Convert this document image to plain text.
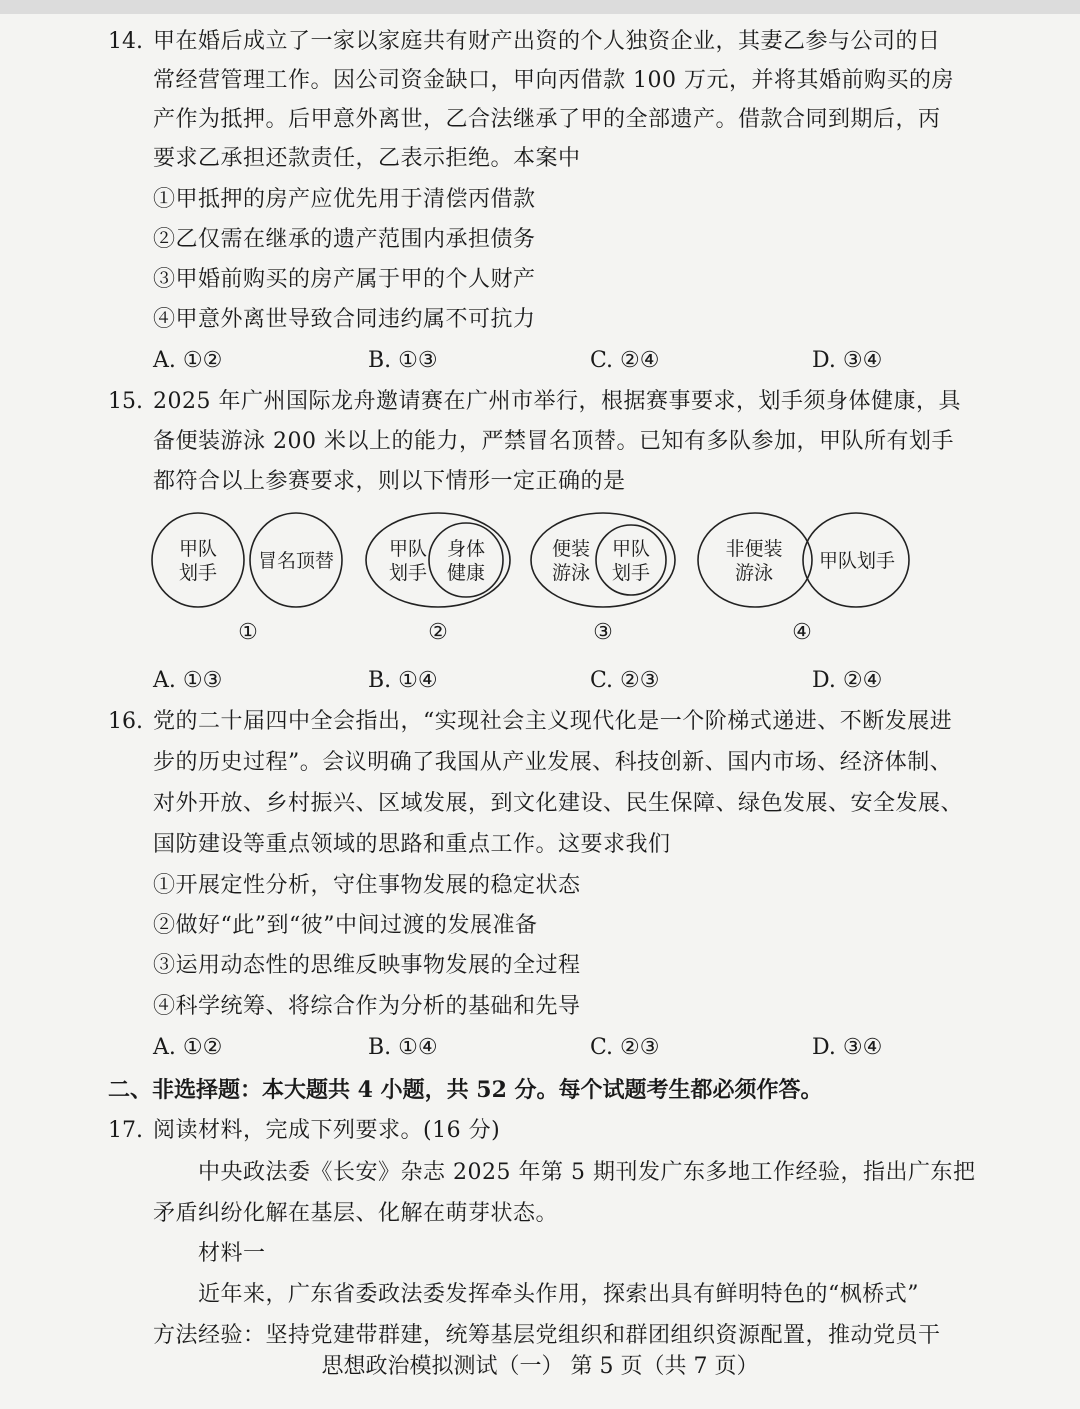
14. 甲在婚后成立了一家以家庭共有财产出资的个人独资企业，其妻乙参与公司的日
常经营管理工作。因公司资金缺口，甲向丙借款 100 万元，并将其婚前购买的房
产作为抵押。后甲意外离世，乙合法继承了甲的全部遗产。借款合同到期后，丙
要求乙承担还款责任，乙表示拒绝。本案中
①甲抵押的房产应优先用于清偿丙借款
②乙仅需在继承的遗产范围内承担债务
③甲婚前购买的房产属于甲的个人财产
④甲意外离世导致合同违约属不可抗力
A. ①②	B. ①③	C. ②④	D. ③④
15. 2025 年广州国际龙舟邀请赛在广州市举行，根据赛事要求，划手须身体健康，具
备便装游泳 200 米以上的能力，严禁冒名顶替。已知有多队参加，甲队所有划手
都符合以上参赛要求，则以下情形一定正确的是
甲队
划手
冒名顶替
①
甲队
划手
身体
健康
②
便装
游泳
甲队
划手
③
非便装
游泳
甲队划手
④
A. ①③	B. ①④	C. ②③	D. ②④
16. 党的二十届四中全会指出，“实现社会主义现代化是一个阶梯式递进、不断发展进
步的历史过程”。会议明确了我国从产业发展、科技创新、国内市场、经济体制、
对外开放、乡村振兴、区域发展，到文化建设、民生保障、绿色发展、安全发展、
国防建设等重点领域的思路和重点工作。这要求我们
①开展定性分析，守住事物发展的稳定状态
②做好“此”到“彼”中间过渡的发展准备
③运用动态性的思维反映事物发展的全过程
④科学统筹、将综合作为分析的基础和先导
A. ①②	B. ①④	C. ②③	D. ③④
二、非选择题：本大题共 4 小题，共 52 分。每个试题考生都必须作答。
17. 阅读材料，完成下列要求。(16 分)
中央政法委《长安》杂志 2025 年第 5 期刊发广东多地工作经验，指出广东把
矛盾纠纷化解在基层、化解在萌芽状态。
材料一
近年来，广东省委政法委发挥牵头作用，探索出具有鲜明特色的“枫桥式”
方法经验：坚持党建带群建，统筹基层党组织和群团组织资源配置，推动党员干
思想政治模拟测试（一） 第 5 页（共 7 页）
